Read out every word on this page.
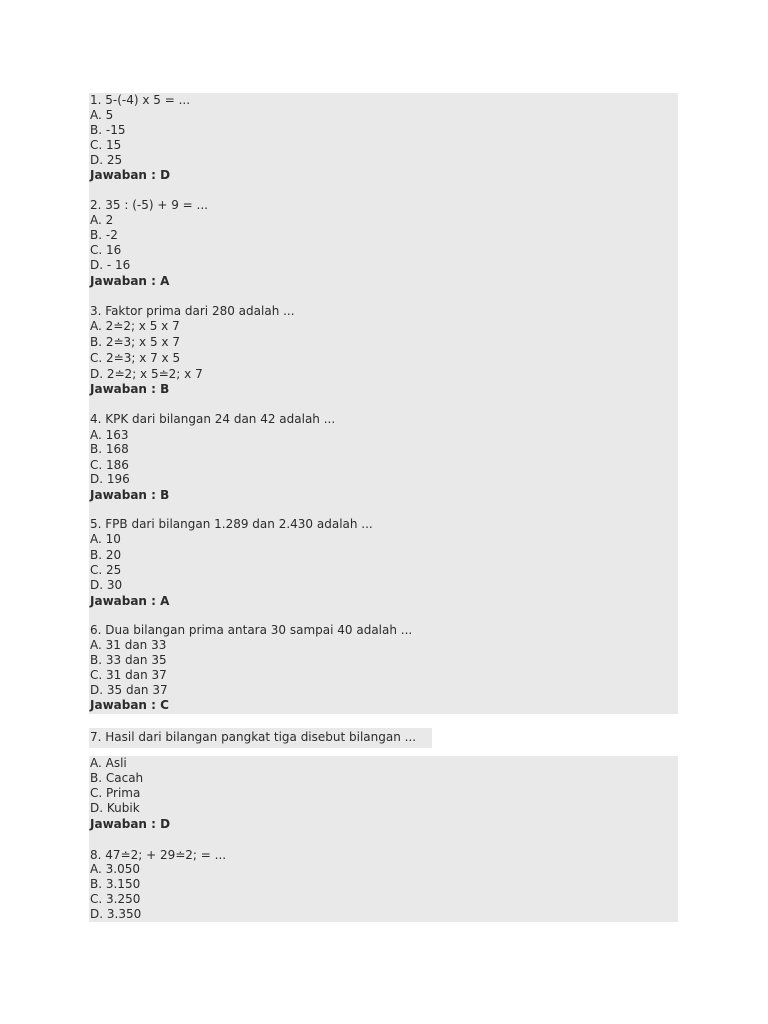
1. 5-(-4) x 5 = ...
A. 5
B. -15
C. 15
D. 25
Jawaban : D
2. 35 : (-5) + 9 = ...
A. 2
B. -2
C. 16
D. - 16
Jawaban : A
3. Faktor prima dari 280 adalah ...
A. 2≐2; x 5 x 7
B. 2≐3; x 5 x 7
C. 2≐3; x 7 x 5
D. 2≐2; x 5≐2; x 7
Jawaban : B
4. KPK dari bilangan 24 dan 42 adalah ...
A. 163
B. 168
C. 186
D. 196
Jawaban : B
5. FPB dari bilangan 1.289 dan 2.430 adalah ...
A. 10
B. 20
C. 25
D. 30
Jawaban : A
6. Dua bilangan prima antara 30 sampai 40 adalah ...
A. 31 dan 33
B. 33 dan 35
C. 31 dan 37
D. 35 dan 37
Jawaban : C
7. Hasil dari bilangan pangkat tiga disebut bilangan ...
A. Asli
B. Cacah
C. Prima
D. Kubik
Jawaban : D
8. 47≐2; + 29≐2; = ...
A. 3.050
B. 3.150
C. 3.250
D. 3.350
